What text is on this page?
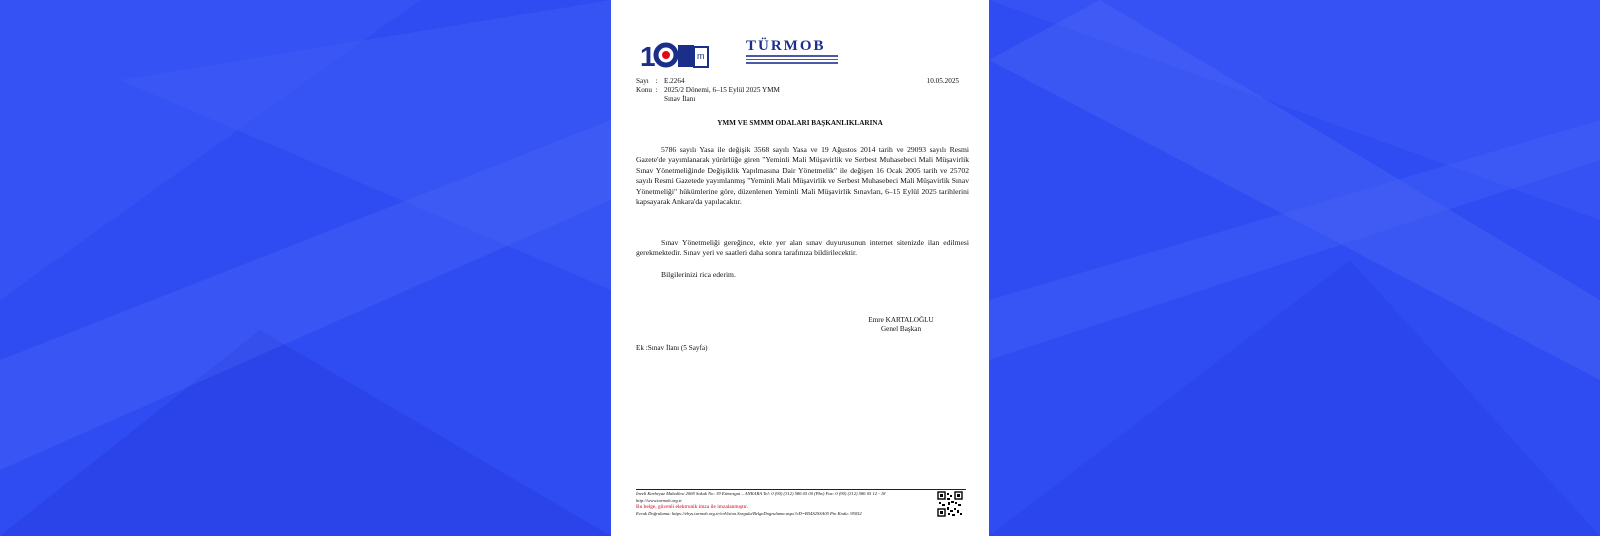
1	m
TÜRMOB
Sayı : E.2264
Konu : 2025/2 Dönemi, 6–15 Eylül 2025 YMM
Sınav İlanı
10.05.2025
YMM VE SMMM ODALARI BAŞKANLIKLARINA
5786 sayılı Yasa ile değişik 3568 sayılı Yasa ve 19 Ağustos 2014 tarih ve 29093 sayılı Resmi Gazete'de yayımlanarak yürürlüğe giren "Yeminli Mali Müşavirlik ve Serbest Muhasebeci Mali Müşavirlik Sınav Yönetmeliğinde Değişiklik Yapılmasına Dair Yönetmelik" ile değişen 16 Ocak 2005 tarih ve 25702 sayılı Resmi Gazetede yayımlanmış "Yeminli Mali Müşavirlik ve Serbest Muhasebeci Mali Müşavirlik Sınav Yönetmeliği" hükümlerine göre, düzenlenen Yeminli Mali Müşavirlik Sınavları, 6–15 Eylül 2025 tarihlerini kapsayarak Ankara'da yapılacaktır.
Sınav Yönetmeliği gereğince, ekte yer alan sınav duyurusunun internet sitenizde ilan edilmesi gerekmektedir. Sınav yeri ve saatleri daha sonra tarafınıza bildirilecektir.
Bilgilerinizi rica ederim.
Emre KARTALOĞLU
Genel Başkan
Ek :Sınav İlanı (5 Sayfa)
İnezli Karbeyaz Mahallesi 2069 Sokak No: 39 Etimesgut – ANKARA Tel: 0 (90) (312) 586 05 00 (Pbx) Fax: 0 (90) (312) 586 05 12 - 18
http://www.turmob.org.tr
Bu belge, güvenli elektronik imza ile imzalanmıştır.
Evrak Doğrulama: https://ebys.turmob.org.tr/enVision.Sorgula/BelgeDogrulama.aspx?eD=B54S2SSA05 Pin Kodu: 95052
